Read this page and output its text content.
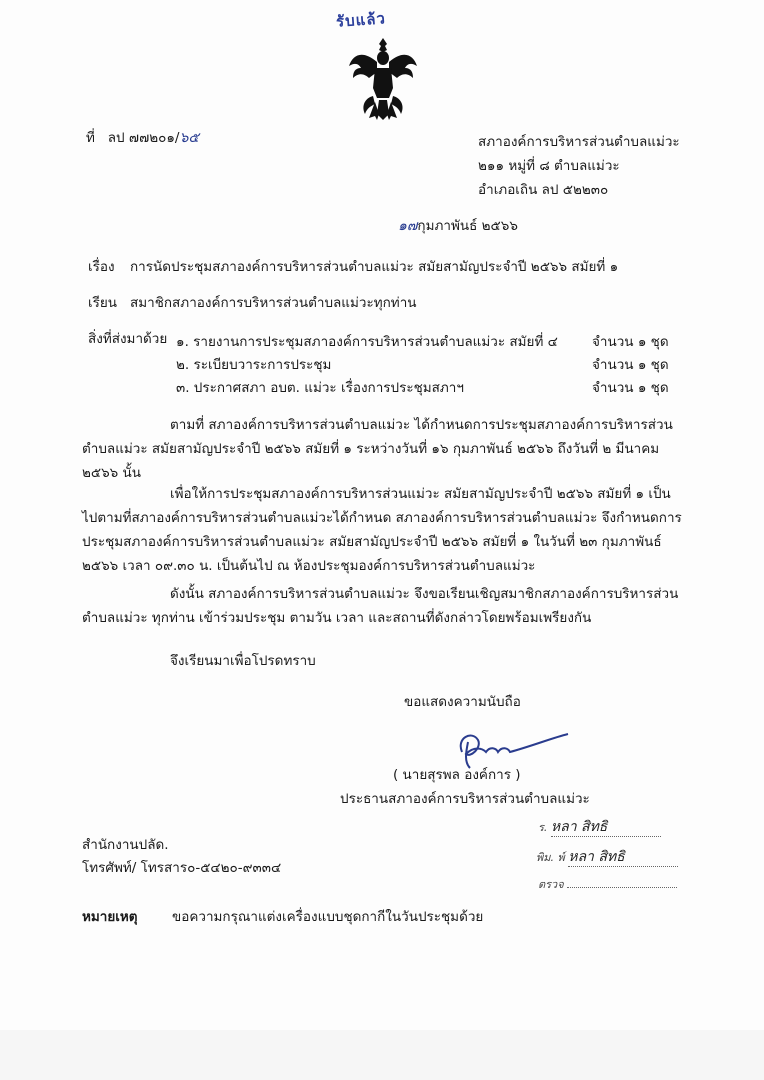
รับแล้ว
ที่ ลป ๗๗๒๐๑/๖๕	สภาองค์การบริหารส่วนตำบลแม่วะ
๒๑๑ หมู่ที่ ๘ ตำบลแม่วะ
อำเภอเถิน ลป ๕๒๒๓๐
๑๗กุมภาพันธ์ ๒๕๖๖
เรื่อง การนัดประชุมสภาองค์การบริหารส่วนตำบลแม่วะ สมัยสามัญประจำปี ๒๕๖๖ สมัยที่ ๑
เรียน สมาชิกสภาองค์การบริหารส่วนตำบลแม่วะทุกท่าน
สิ่งที่ส่งมาด้วย ๑. รายงานการประชุมสภาองค์การบริหารส่วนตำบลแม่วะ สมัยที่ ๔	จำนวน ๑ ชุด
๒. ระเบียบวาระการประชุม	จำนวน ๑ ชุด
๓. ประกาศสภา อบต. แม่วะ เรื่องการประชุมสภาฯ	จำนวน ๑ ชุด
ตามที่ สภาองค์การบริหารส่วนตำบลแม่วะ ได้กำหนดการประชุมสภาองค์การบริหารส่วนตำบลแม่วะ สมัยสามัญประจำปี ๒๕๖๖ สมัยที่ ๑ ระหว่างวันที่ ๑๖ กุมภาพันธ์ ๒๕๖๖ ถึงวันที่ ๒ มีนาคม ๒๕๖๖ นั้น
เพื่อให้การประชุมสภาองค์การบริหารส่วนแม่วะ สมัยสามัญประจำปี ๒๕๖๖ สมัยที่ ๑ เป็นไปตามที่สภาองค์การบริหารส่วนตำบลแม่วะได้กำหนด สภาองค์การบริหารส่วนตำบลแม่วะ จึงกำหนดการประชุมสภาองค์การบริหารส่วนตำบลแม่วะ สมัยสามัญประจำปี ๒๕๖๖ สมัยที่ ๑ ในวันที่ ๒๓ กุมภาพันธ์ ๒๕๖๖ เวลา ๐๙.๓๐ น. เป็นต้นไป ณ ห้องประชุมองค์การบริหารส่วนตำบลแม่วะ
ดังนั้น สภาองค์การบริหารส่วนตำบลแม่วะ จึงขอเรียนเชิญสมาชิกสภาองค์การบริหารส่วนตำบลแม่วะ ทุกท่าน เข้าร่วมประชุม ตามวัน เวลา และสถานที่ดังกล่าวโดยพร้อมเพรียงกัน
จึงเรียนมาเพื่อโปรดทราบ
ขอแสดงความนับถือ
( นายสุรพล องค์การ )
ประธานสภาองค์การบริหารส่วนตำบลแม่วะ
ร. หลา สิทธิ
พิม. พ์ หลา สิทธิ
ตรวจ
สำนักงานปลัด.
โทรศัพท์/ โทรสาร๐-๕๔๒๐-๙๓๓๔
หมายเหตุ	ขอความกรุณาแต่งเครื่องแบบชุดกากีในวันประชุมด้วย
